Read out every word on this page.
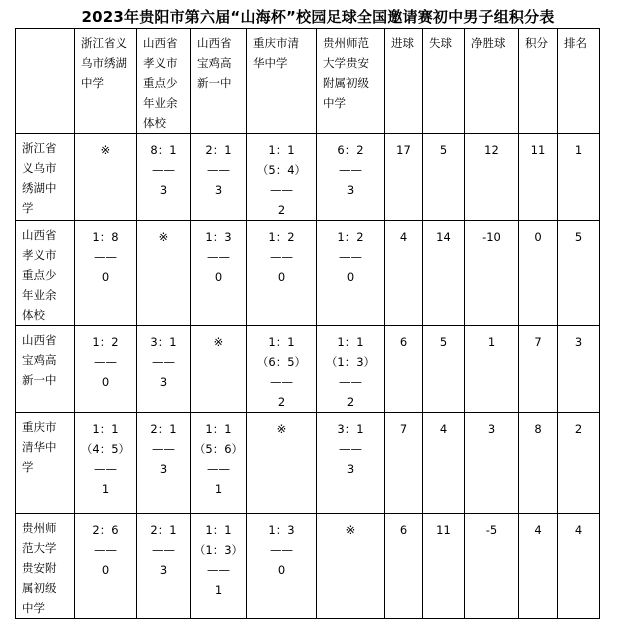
2023年贵阳市第六届“山海杯”校园足球全国邀请赛初中男子组积分表

	浙江省义
乌市绣湖
中学	山西省
孝义市
重点少
年业余
体校	山西省
宝鸡高
新一中	重庆市清
华中学	贵州师范
大学贵安
附属初级
中学	进球	失球	净胜球	积分	排名

浙江省
义乌市
绣湖中
学	※	8：1
——
3	2：1
——
3	1：1
（5：4）
——
2	6：2
——
3	17	5	12	11	1

山西省
孝义市
重点少
年业余
体校	1：8
——
0	※	1：3
——
0	1：2
——
0	1：2
——
0	4	14	-10	0	5

山西省
宝鸡高
新一中	1：2
——
0	3：1
——
3	※	1：1
（6：5）
——
2	1：1
（1：3）
——
2	6	5	1	7	3

重庆市
清华中
学	1：1
（4：5）
——
1	2：1
——
3	1：1
（5：6）
——
1	※	3：1
——
3	7	4	3	8	2

贵州师
范大学
贵安附
属初级
中学	2：6
——
0	2：1
——
3	1：1
（1：3）
——
1	1：3
——
0	※	6	11	-5	4	4
